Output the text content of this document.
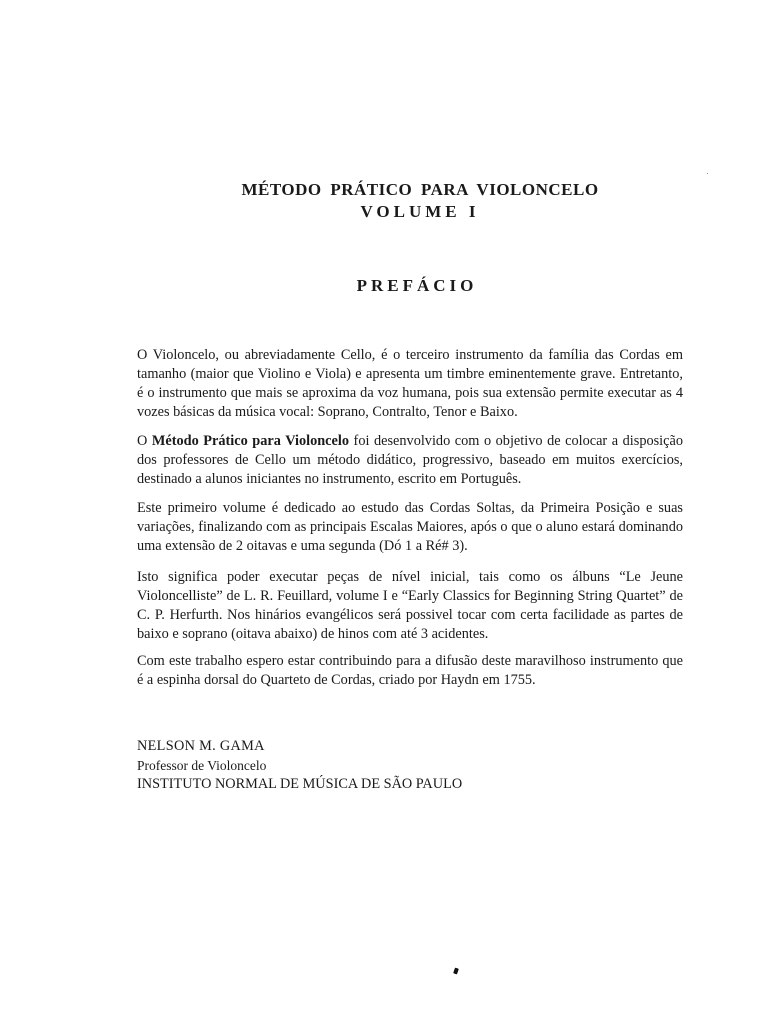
MÉTODO PRÁTICO PARA VIOLONCELO
VOLUME I
PREFÁCIO
O Violoncelo, ou abreviadamente Cello, é o terceiro instrumento da família das Cordas em tamanho (maior que Violino e Viola) e apresenta um timbre eminentemente grave. Entretanto, é o instrumento que mais se aproxima da voz humana, pois sua extensão permite executar as 4 vozes básicas da música vocal: Soprano, Contralto, Tenor e Baixo.
O Método Prático para Violoncelo foi desenvolvido com o objetivo de colocar a disposição dos professores de Cello um método didático, progressivo, baseado em muitos exercícios, destinado a alunos iniciantes no instrumento, escrito em Português.
Este primeiro volume é dedicado ao estudo das Cordas Soltas, da Primeira Posição e suas variações, finalizando com as principais Escalas Maiores, após o que o aluno estará dominando uma extensão de 2 oitavas e uma segunda (Dó 1 a Ré# 3).
Isto significa poder executar peças de nível inicial, tais como os álbuns “Le Jeune Violoncelliste” de L. R. Feuillard, volume I e “Early Classics for Beginning String Quartet” de C. P. Herfurth. Nos hinários evangélicos será possivel tocar com certa facilidade as partes de baixo e soprano (oitava abaixo) de hinos com até 3 acidentes.
Com este trabalho espero estar contribuindo para a difusão deste maravilhoso instrumento que é a espinha dorsal do Quarteto de Cordas, criado por Haydn em 1755.
NELSON M. GAMA
Professor de Violoncelo
INSTITUTO NORMAL DE MÚSICA DE SÃO PAULO
